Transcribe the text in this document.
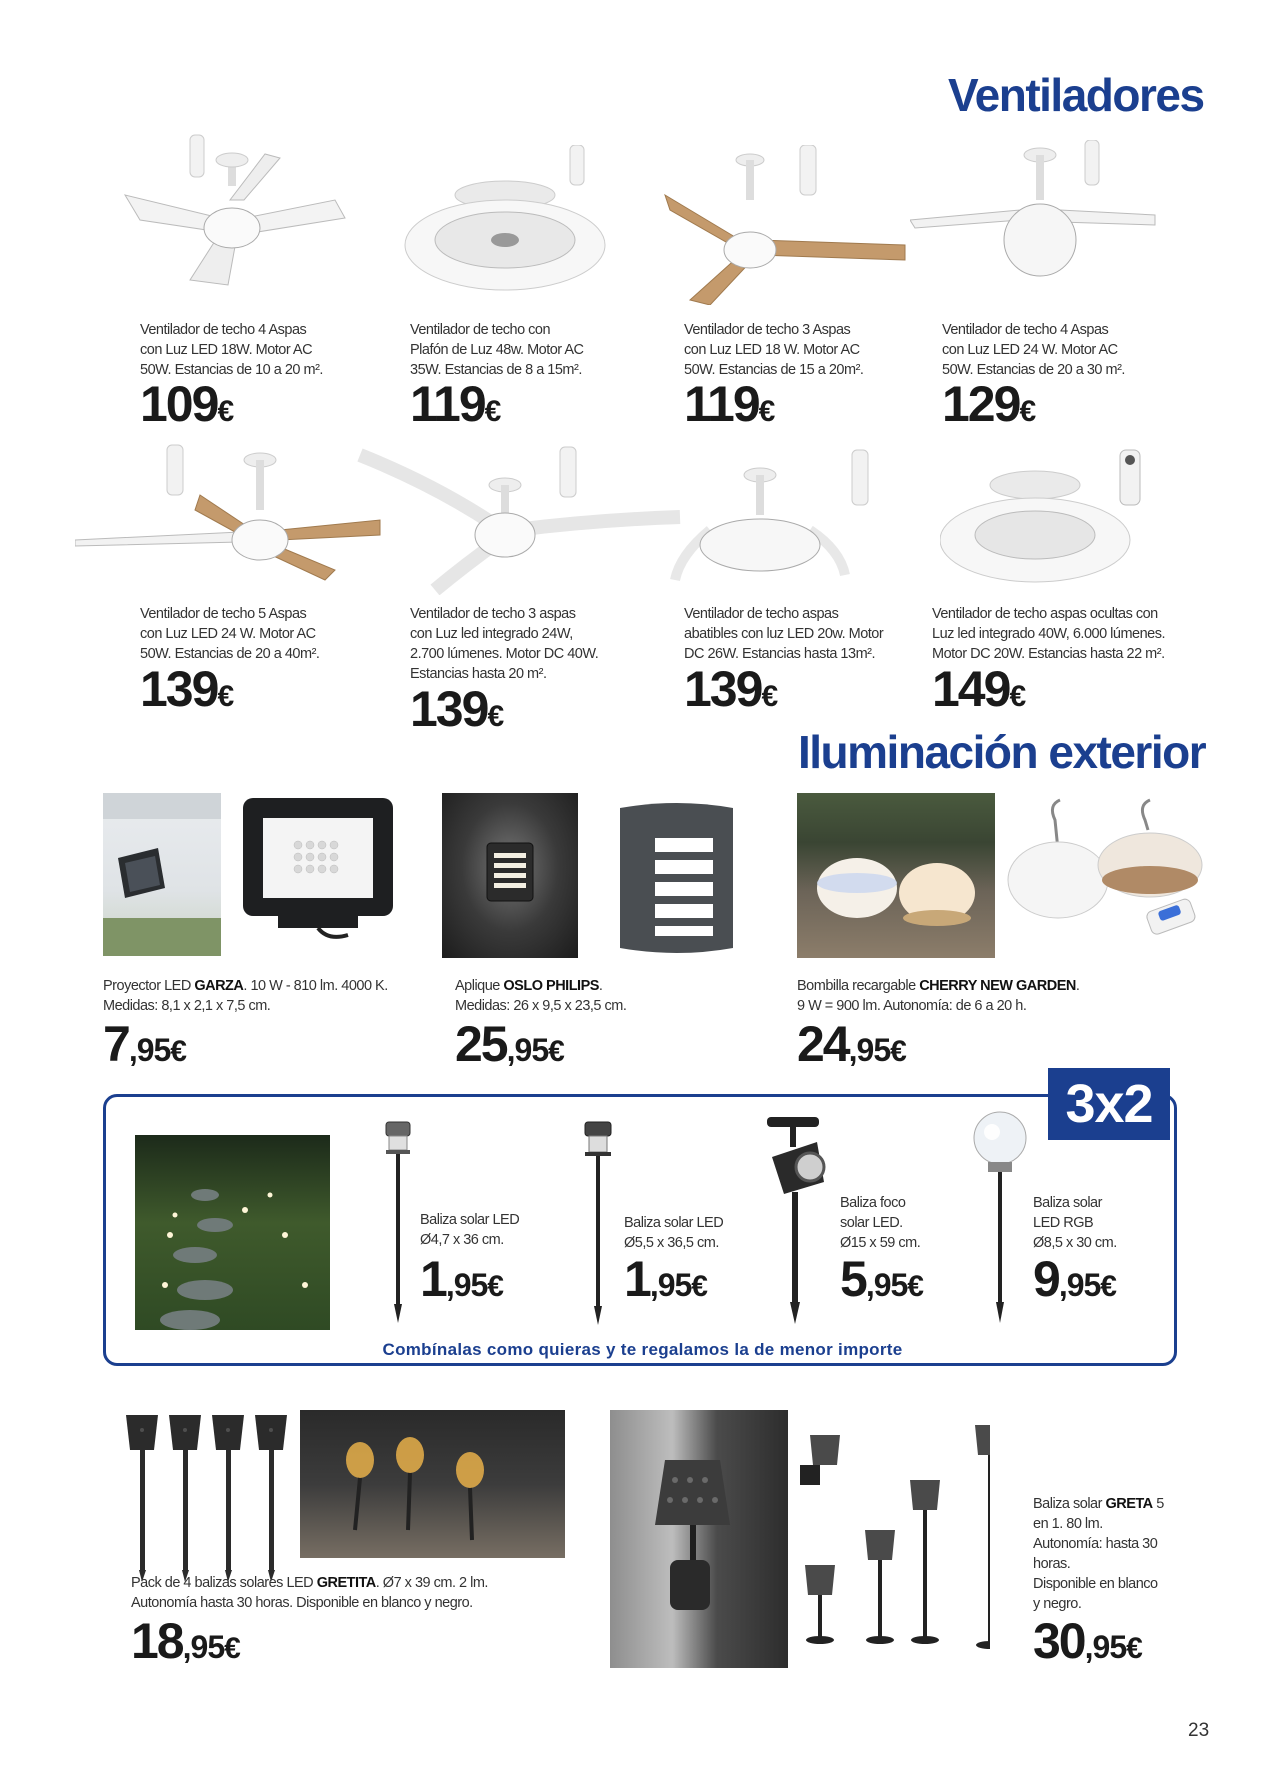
Ventiladores
Ventilador de techo 4 Aspas
con Luz LED 18W. Motor AC
50W. Estancias de 10 a 20 m².
109€
Ventilador de techo con
Plafón de Luz 48w. Motor AC
35W. Estancias de 8 a 15m².
119€
Ventilador de techo 3 Aspas
con Luz LED 18 W. Motor AC
50W. Estancias de 15 a 20m².
119€
Ventilador de techo 4 Aspas
con Luz LED 24 W. Motor AC
50W. Estancias de 20 a 30 m².
129€
Ventilador de techo 5 Aspas
con Luz LED 24 W. Motor AC
50W. Estancias de 20 a 40m².
139€
Ventilador de techo 3 aspas
con Luz led integrado 24W,
2.700 lúmenes. Motor DC 40W.
Estancias hasta 20 m².
139€
Ventilador de techo aspas
abatibles con luz LED 20w. Motor
DC 26W. Estancias hasta 13m².
139€
Ventilador de techo aspas ocultas con
Luz led integrado 40W, 6.000 lúmenes.
Motor DC 20W. Estancias hasta 22 m².
149€
Iluminación exterior
Proyector LED GARZA. 10 W - 810 lm. 4000 K.
Medidas: 8,1 x 2,1 x 7,5 cm.
7,95€
Aplique OSLO PHILIPS.
Medidas: 26 x 9,5 x 23,5 cm.
25,95€
Bombilla recargable CHERRY NEW GARDEN.
9 W = 900 lm. Autonomía: de 6 a 20 h.
24,95€
3x2
Baliza solar LED
Ø4,7 x 36 cm.
1,95€
Baliza solar LED
Ø5,5 x 36,5 cm.
1,95€
Baliza foco
solar LED.
Ø15 x 59 cm.
5,95€
Baliza solar
LED RGB
Ø8,5 x 30 cm.
9,95€
Combínalas como quieras y te regalamos la de menor importe
Pack de 4 balizas solares LED GRETITA. Ø7 x 39 cm. 2 lm.
Autonomía hasta 30 horas. Disponible en blanco y negro.
18,95€
Baliza solar GRETA 5
en 1. 80 lm.
Autonomía: hasta 30
horas.
Disponible en blanco
y negro.
30,95€
23
